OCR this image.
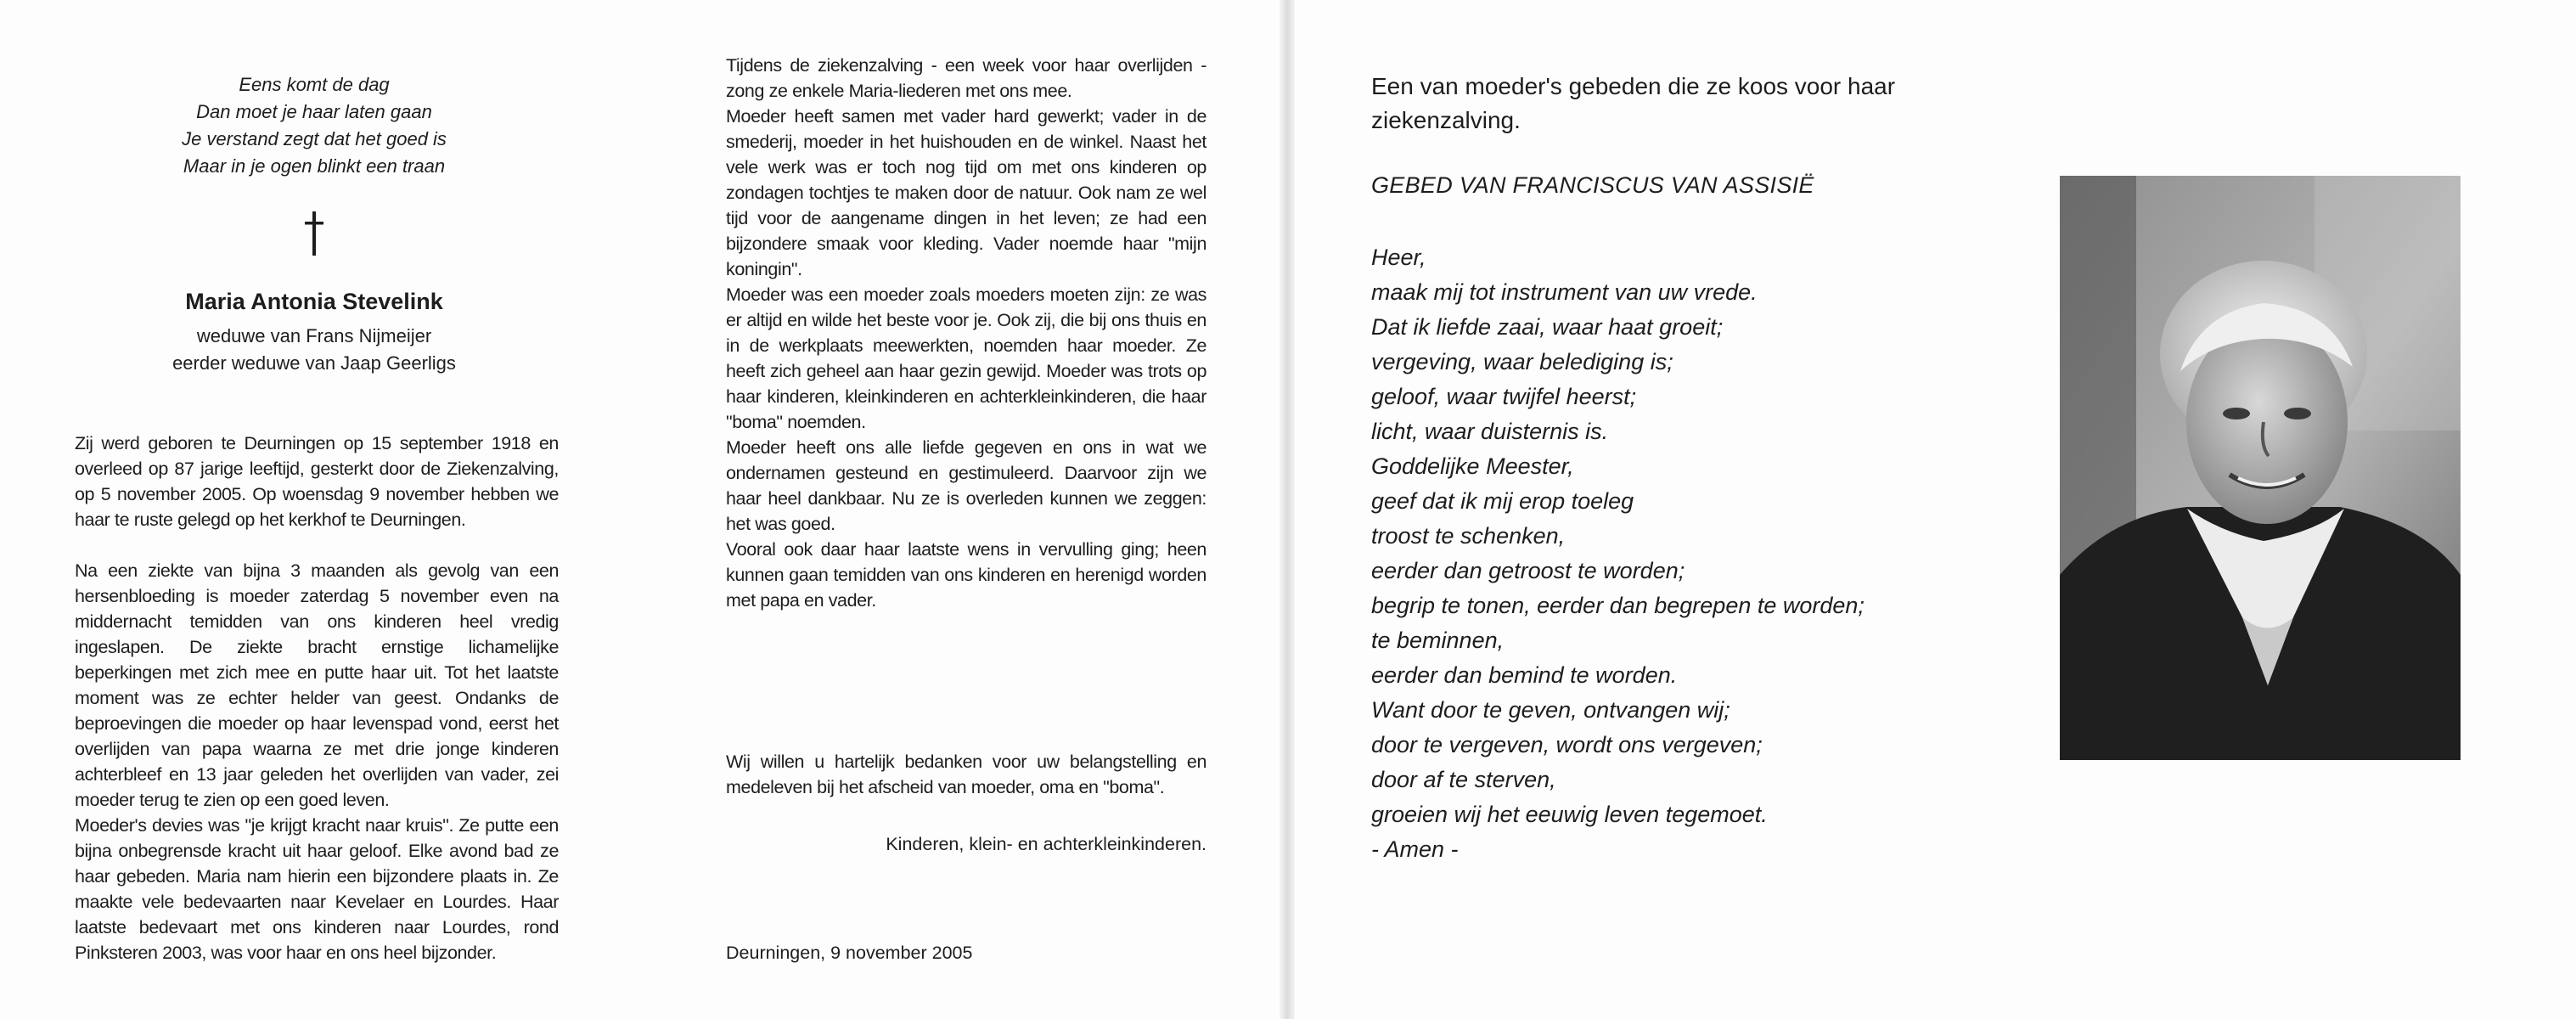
Eens komt de dag
Dan moet je haar laten gaan
Je verstand zegt dat het goed is
Maar in je ogen blinkt een traan
Maria Antonia Stevelink
weduwe van Frans Nijmeijer
eerder weduwe van Jaap Geerligs

Zij werd geboren te Deurningen op 15 september 1918 en overleed op 87 jarige leeftijd, gesterkt door de Ziekenzalving, op 5 november 2005. Op woensdag 9 november hebben we haar te ruste gelegd op het kerkhof te Deurningen.

Na een ziekte van bijna 3 maanden als gevolg van een hersenbloeding is moeder zaterdag 5 november even na middernacht temidden van ons kinderen heel vredig ingeslapen. De ziekte bracht ernstige lichamelijke beperkingen met zich mee en putte haar uit. Tot het laatste moment was ze echter helder van geest. Ondanks de beproevingen die moeder op haar levenspad vond, eerst het overlijden van papa waarna ze met drie jonge kinderen achterbleef en 13 jaar geleden het overlijden van vader, zei moeder terug te zien op een goed leven.

Moeder's devies was "je krijgt kracht naar kruis". Ze putte een bijna onbegrensde kracht uit haar geloof. Elke avond bad ze haar gebeden. Maria nam hierin een bijzondere plaats in. Ze maakte vele bedevaarten naar Kevelaer en Lourdes. Haar laatste bedevaart met ons kinderen naar Lourdes, rond Pinksteren 2003, was voor haar en ons heel bijzonder.

Tijdens de ziekenzalving - een week voor haar overlijden - zong ze enkele Maria-liederen met ons mee.

Moeder heeft samen met vader hard gewerkt; vader in de smederij, moeder in het huishouden en de winkel. Naast het vele werk was er toch nog tijd om met ons kinderen op zondagen tochtjes te maken door de natuur. Ook nam ze wel tijd voor de aangename dingen in het leven; ze had een bijzondere smaak voor kleding. Vader noemde haar "mijn koningin".

Moeder was een moeder zoals moeders moeten zijn: ze was er altijd en wilde het beste voor je. Ook zij, die bij ons thuis en in de werkplaats meewerkten, noemden haar moeder. Ze heeft zich geheel aan haar gezin gewijd. Moeder was trots op haar kinderen, kleinkinderen en achterkleinkinderen, die haar "boma" noemden.

Moeder heeft ons alle liefde gegeven en ons in wat we ondernamen gesteund en gestimuleerd. Daarvoor zijn we haar heel dankbaar. Nu ze is overleden kunnen we zeggen: het was goed.

Vooral ook daar haar laatste wens in vervulling ging; heen kunnen gaan temidden van ons kinderen en herenigd worden met papa en vader.

Wij willen u hartelijk bedanken voor uw belangstelling en medeleven bij het afscheid van moeder, oma en "boma".
Kinderen, klein- en achterkleinkinderen.
Deurningen, 9 november 2005
Een van moeder's gebeden die ze koos voor haar ziekenzalving.
GEBED VAN FRANCISCUS VAN ASSISIË
Heer,
maak mij tot instrument van uw vrede.
Dat ik liefde zaai, waar haat groeit;
vergeving, waar belediging is;
geloof, waar twijfel heerst;
licht, waar duisternis is.
Goddelijke Meester,
geef dat ik mij erop toeleg
troost te schenken,
eerder dan getroost te worden;
begrip te tonen, eerder dan begrepen te worden;
te beminnen,
eerder dan bemind te worden.
Want door te geven, ontvangen wij;
door te vergeven, wordt ons vergeven;
door af te sterven,
groeien wij het eeuwig leven tegemoet.
- Amen -
